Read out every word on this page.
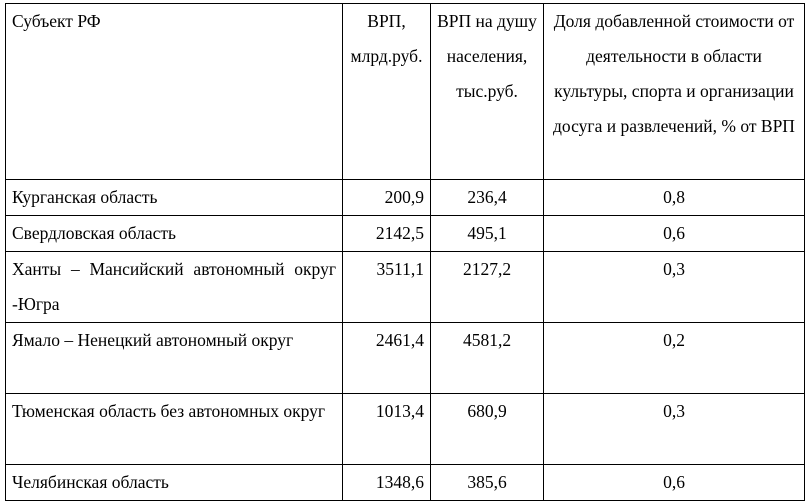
Субъект РФ	ВРП, млрд.руб.	ВРП на душу населения, тыс.руб.	Доля добавленной стоимости от деятельности в области культуры, спорта и организации досуга и развлечений, % от ВРП
Курганская область	200,9	236,4	0,8
Свердловская область	2142,5	495,1	0,6
Ханты – Мансийский автономный округ -Югра	3511,1	2127,2	0,3
Ямало – Ненецкий автономный округ	2461,4	4581,2	0,2
Тюменская область без автономных округ	1013,4	680,9	0,3
Челябинская область	1348,6	385,6	0,6
